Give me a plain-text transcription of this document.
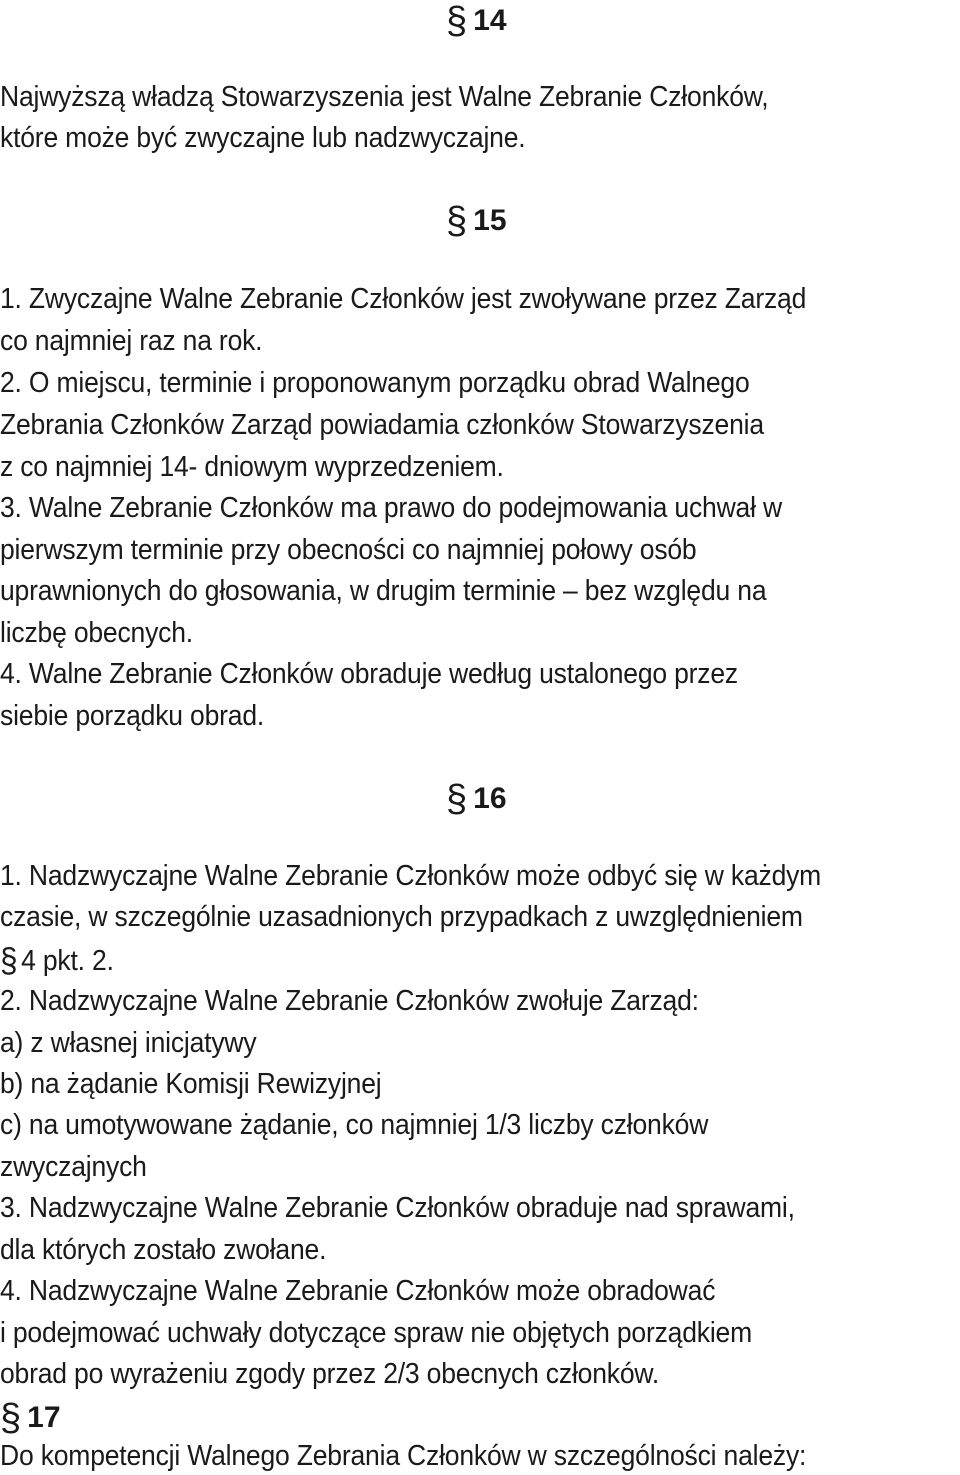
§ 14
Najwyższą władzą Stowarzyszenia jest Walne Zebranie Członków,
które może być zwyczajne lub nadzwyczajne.
§ 15
1. Zwyczajne Walne Zebranie Członków jest zwoływane przez Zarząd
co najmniej raz na rok.
2. O miejscu, terminie i proponowanym porządku obrad Walnego
Zebrania Członków Zarząd powiadamia członków Stowarzyszenia
z co najmniej 14- dniowym wyprzedzeniem.
3. Walne Zebranie Członków ma prawo do podejmowania uchwał w
pierwszym terminie przy obecności co najmniej połowy osób
uprawnionych do głosowania, w drugim terminie – bez względu na
liczbę obecnych.
4. Walne Zebranie Członków obraduje według ustalonego przez
siebie porządku obrad.
§ 16
1. Nadzwyczajne Walne Zebranie Członków może odbyć się w każdym
czasie, w szczególnie uzasadnionych przypadkach z uwzględnieniem
§ 4 pkt. 2.
2. Nadzwyczajne Walne Zebranie Członków zwołuje Zarząd:
a) z własnej inicjatywy
b) na żądanie Komisji Rewizyjnej
c) na umotywowane żądanie, co najmniej 1/3 liczby członków
zwyczajnych
3. Nadzwyczajne Walne Zebranie Członków obraduje nad sprawami,
dla których zostało zwołane.
4. Nadzwyczajne Walne Zebranie Członków może obradować
i podejmować uchwały dotyczące spraw nie objętych porządkiem
obrad po wyrażeniu zgody przez 2/3 obecnych członków.
§ 17
Do kompetencji Walnego Zebrania Członków w szczególności należy:
